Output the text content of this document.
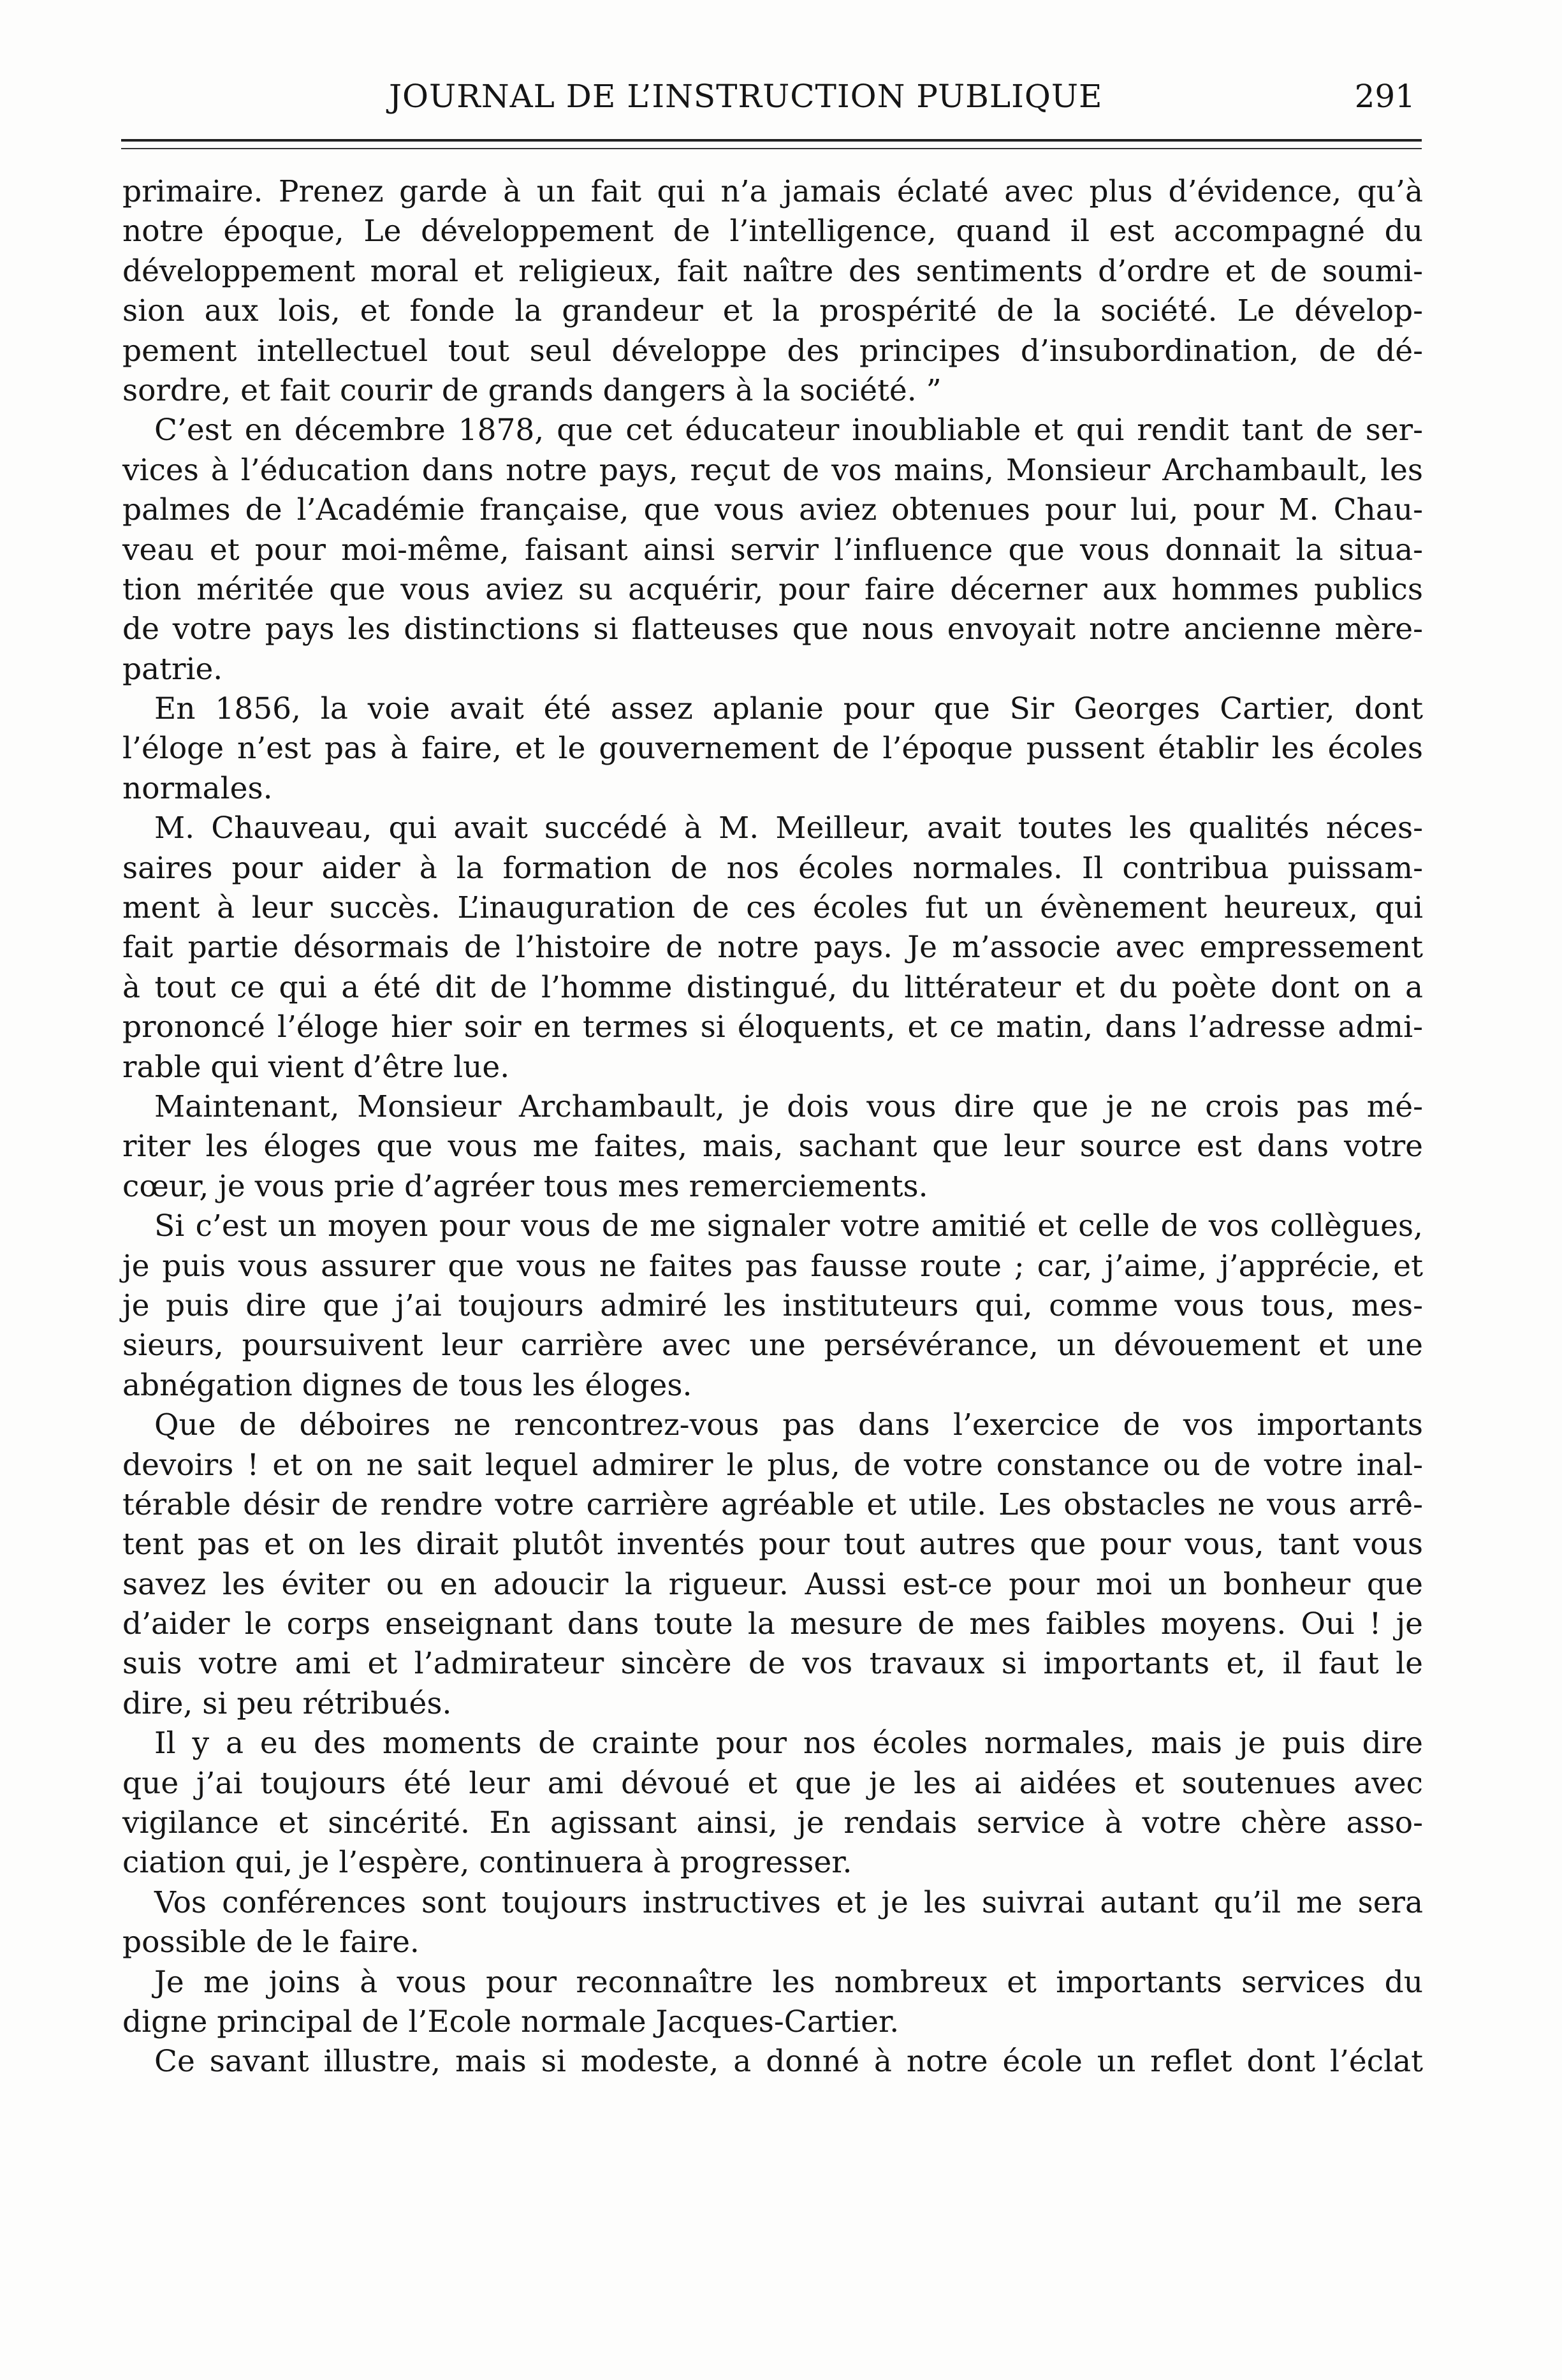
JOURNAL DE L’INSTRUCTION PUBLIQUE	291
primaire. Prenez garde à un fait qui n’a jamais éclaté avec plus d’évidence, qu’à
notre époque, Le développement de l’intelligence, quand il est accompagné du
développement moral et religieux, fait naître des sentiments d’ordre et de soumi-
sion aux lois, et fonde la grandeur et la prospérité de la société. Le dévelop-
pement intellectuel tout seul développe des principes d’insubordination, de dé-
sordre, et fait courir de grands dangers à la société. ”
C’est en décembre 1878, que cet éducateur inoubliable et qui rendit tant de ser-
vices à l’éducation dans notre pays, reçut de vos mains, Monsieur Archambault, les
palmes de l’Académie française, que vous aviez obtenues pour lui, pour M. Chau-
veau et pour moi-même, faisant ainsi servir l’influence que vous donnait la situa-
tion méritée que vous aviez su acquérir, pour faire décerner aux hommes publics
de votre pays les distinctions si flatteuses que nous envoyait notre ancienne mère-
patrie.
En 1856, la voie avait été assez aplanie pour que Sir Georges Cartier, dont
l’éloge n’est pas à faire, et le gouvernement de l’époque pussent établir les écoles
normales.
M. Chauveau, qui avait succédé à M. Meilleur, avait toutes les qualités néces-
saires pour aider à la formation de nos écoles normales. Il contribua puissam-
ment à leur succès. L’inauguration de ces écoles fut un évènement heureux, qui
fait partie désormais de l’histoire de notre pays. Je m’associe avec empressement
à tout ce qui a été dit de l’homme distingué, du littérateur et du poète dont on a
prononcé l’éloge hier soir en termes si éloquents, et ce matin, dans l’adresse admi-
rable qui vient d’être lue.
Maintenant, Monsieur Archambault, je dois vous dire que je ne crois pas mé-
riter les éloges que vous me faites, mais, sachant que leur source est dans votre
cœur, je vous prie d’agréer tous mes remerciements.
Si c’est un moyen pour vous de me signaler votre amitié et celle de vos collègues,
je puis vous assurer que vous ne faites pas fausse route ; car, j’aime, j’apprécie, et
je puis dire que j’ai toujours admiré les instituteurs qui, comme vous tous, mes-
sieurs, poursuivent leur carrière avec une persévérance, un dévouement et une
abnégation dignes de tous les éloges.
Que de déboires ne rencontrez-vous pas dans l’exercice de vos importants
devoirs ! et on ne sait lequel admirer le plus, de votre constance ou de votre inal-
térable désir de rendre votre carrière agréable et utile. Les obstacles ne vous arrê-
tent pas et on les dirait plutôt inventés pour tout autres que pour vous, tant vous
savez les éviter ou en adoucir la rigueur. Aussi est-ce pour moi un bonheur que
d’aider le corps enseignant dans toute la mesure de mes faibles moyens. Oui ! je
suis votre ami et l’admirateur sincère de vos travaux si importants et, il faut le
dire, si peu rétribués.
Il y a eu des moments de crainte pour nos écoles normales, mais je puis dire
que j’ai toujours été leur ami dévoué et que je les ai aidées et soutenues avec
vigilance et sincérité. En agissant ainsi, je rendais service à votre chère asso-
ciation qui, je l’espère, continuera à progresser.
Vos conférences sont toujours instructives et je les suivrai autant qu’il me sera
possible de le faire.
Je me joins à vous pour reconnaître les nombreux et importants services du
digne principal de l’Ecole normale Jacques-Cartier.
Ce savant illustre, mais si modeste, a donné à notre école un reflet dont l’éclat
